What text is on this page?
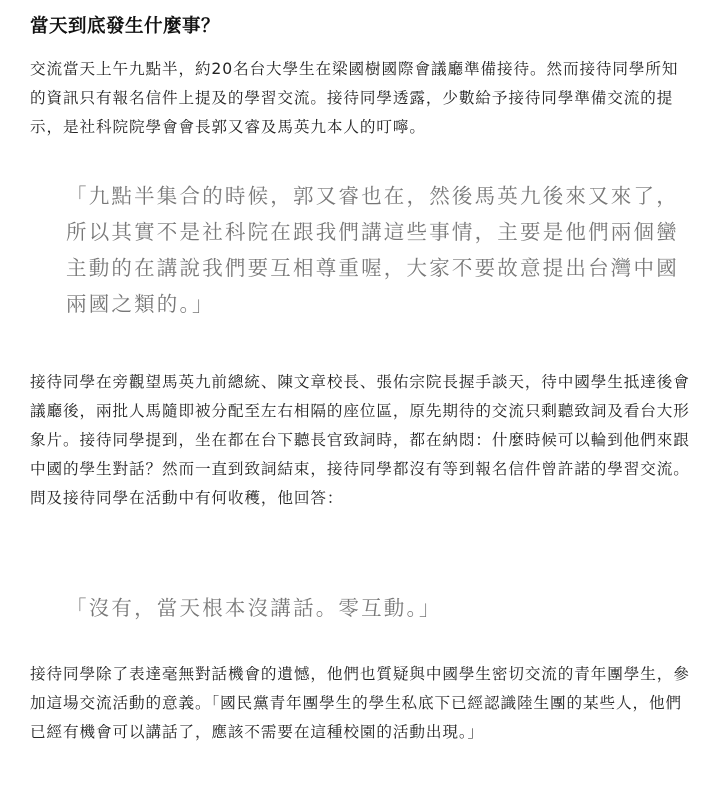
當天到底發生什麼事？

交流當天上午九點半，約20名台大學生在梁國樹國際會議廳準備接待。然而接待同學所知的資訊只有報名信件上提及的學習交流。接待同學透露，少數給予接待同學準備交流的提示，是社科院院學會會長郭又睿及馬英九本人的叮嚀。

「九點半集合的時候，郭又睿也在，然後馬英九後來又來了，所以其實不是社科院在跟我們講這些事情，主要是他們兩個蠻主動的在講說我們要互相尊重喔，大家不要故意提出台灣中國兩國之類的。」

接待同學在旁觀望馬英九前總統、陳文章校長、張佑宗院長握手談天，待中國學生抵達後會議廳後，兩批人馬隨即被分配至左右相隔的座位區，原先期待的交流只剩聽致詞及看台大形象片。接待同學提到，坐在都在台下聽長官致詞時，都在納悶：什麼時候可以輪到他們來跟中國的學生對話？然而一直到致詞結束，接待同學都沒有等到報名信件曾許諾的學習交流。問及接待同學在活動中有何收穫，他回答：

「沒有，當天根本沒講話。零互動。」

接待同學除了表達毫無對話機會的遺憾，他們也質疑與中國學生密切交流的青年團學生，參加這場交流活動的意義。「國民黨青年團學生的學生私底下已經認識陸生團的某些人，他們已經有機會可以講話了，應該不需要在這種校園的活動出現。」
